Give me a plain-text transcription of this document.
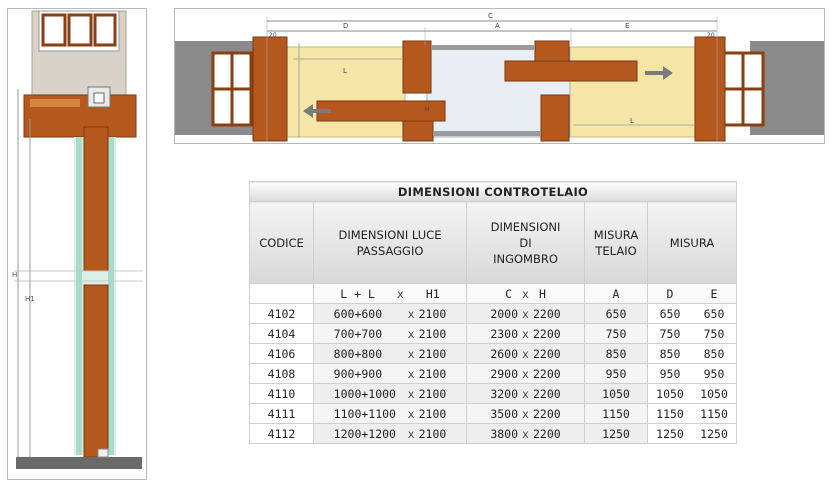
H
H1
C
D	A	E
20	20
L
L
H
DIMENSIONI CONTROTELAIO				
CODICE	DIMENSIONI LUCE PASSAGGIO	DIMENSIONI DI INGOMBRO	MISURA TELAIO	MISURA
	L + L x H1	C x H	A	D E

4102	600+600 x 2100	2000 x 2200	650	650 650

4104	700+700 x 2100	2300 x 2200	750	750 750

4106	800+800 x 2100	2600 x 2200	850	850 850

4108	900+900 x 2100	2900 x 2200	950	950 950

4110	1000+1000 x 2100	3200 x 2200	1050	1050 1050

4111	1100+1100 x 2100	3500 x 2200	1150	1150 1150

4112	1200+1200 x 2100	3800 x 2200	1250	1250 1250
